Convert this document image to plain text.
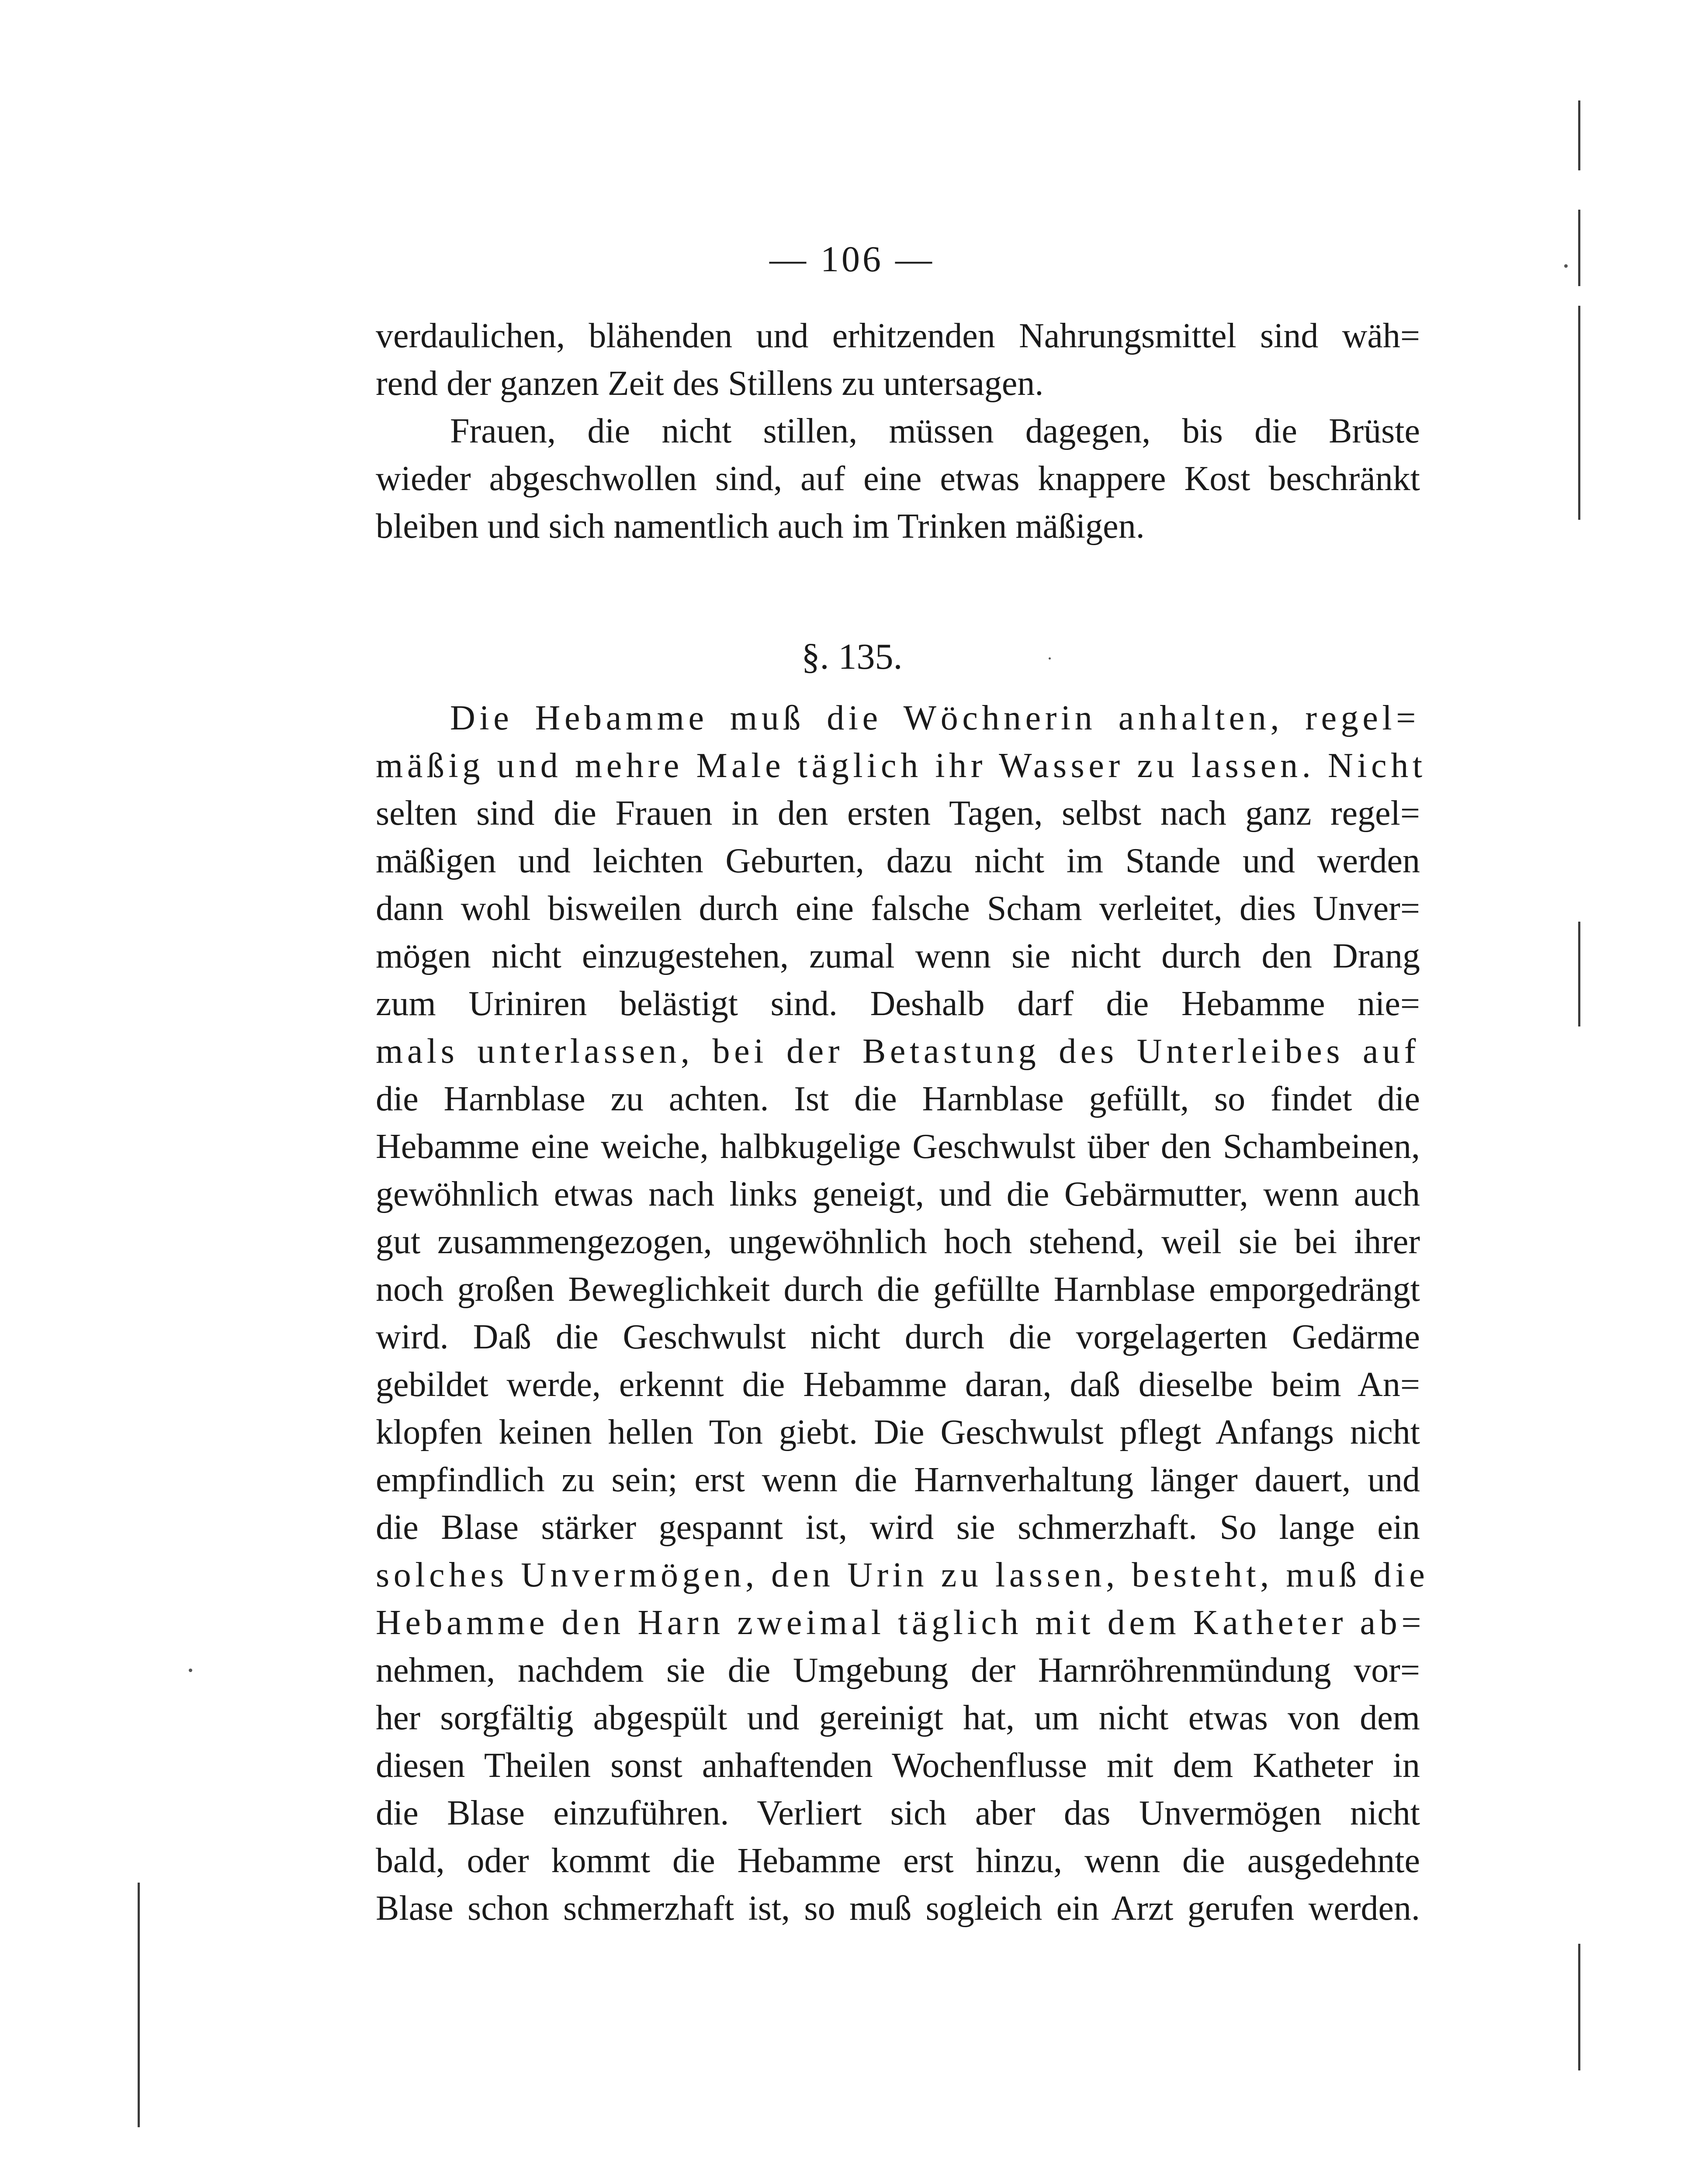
— 106 —
verdaulichen, blähenden und erhitzenden Nahrungsmittel sind wäh=
rend der ganzen Zeit des Stillens zu untersagen.
Frauen, die nicht stillen, müssen dagegen, bis die Brüste
wieder abgeschwollen sind, auf eine etwas knappere Kost beschränkt
bleiben und sich namentlich auch im Trinken mäßigen.
§. 135.
Die Hebamme muß die Wöchnerin anhalten, regel=
mäßig und mehre Male täglich ihr Wasser zu lassen. Nicht
selten sind die Frauen in den ersten Tagen, selbst nach ganz regel=
mäßigen und leichten Geburten, dazu nicht im Stande und werden
dann wohl bisweilen durch eine falsche Scham verleitet, dies Unver=
mögen nicht einzugestehen, zumal wenn sie nicht durch den Drang
zum Uriniren belästigt sind. Deshalb darf die Hebamme nie=
mals unterlassen, bei der Betastung des Unterleibes auf
die Harnblase zu achten. Ist die Harnblase gefüllt, so findet die
Hebamme eine weiche, halbkugelige Geschwulst über den Schambeinen,
gewöhnlich etwas nach links geneigt, und die Gebärmutter, wenn auch
gut zusammengezogen, ungewöhnlich hoch stehend, weil sie bei ihrer
noch großen Beweglichkeit durch die gefüllte Harnblase emporgedrängt
wird. Daß die Geschwulst nicht durch die vorgelagerten Gedärme
gebildet werde, erkennt die Hebamme daran, daß dieselbe beim An=
klopfen keinen hellen Ton giebt. Die Geschwulst pflegt Anfangs nicht
empfindlich zu sein; erst wenn die Harnverhaltung länger dauert, und
die Blase stärker gespannt ist, wird sie schmerzhaft. So lange ein
solches Unvermögen, den Urin zu lassen, besteht, muß die
Hebamme den Harn zweimal täglich mit dem Katheter ab=
nehmen, nachdem sie die Umgebung der Harnröhrenmündung vor=
her sorgfältig abgespült und gereinigt hat, um nicht etwas von dem
diesen Theilen sonst anhaftenden Wochenflusse mit dem Katheter in
die Blase einzuführen. Verliert sich aber das Unvermögen nicht
bald, oder kommt die Hebamme erst hinzu, wenn die ausgedehnte
Blase schon schmerzhaft ist, so muß sogleich ein Arzt gerufen werden.
